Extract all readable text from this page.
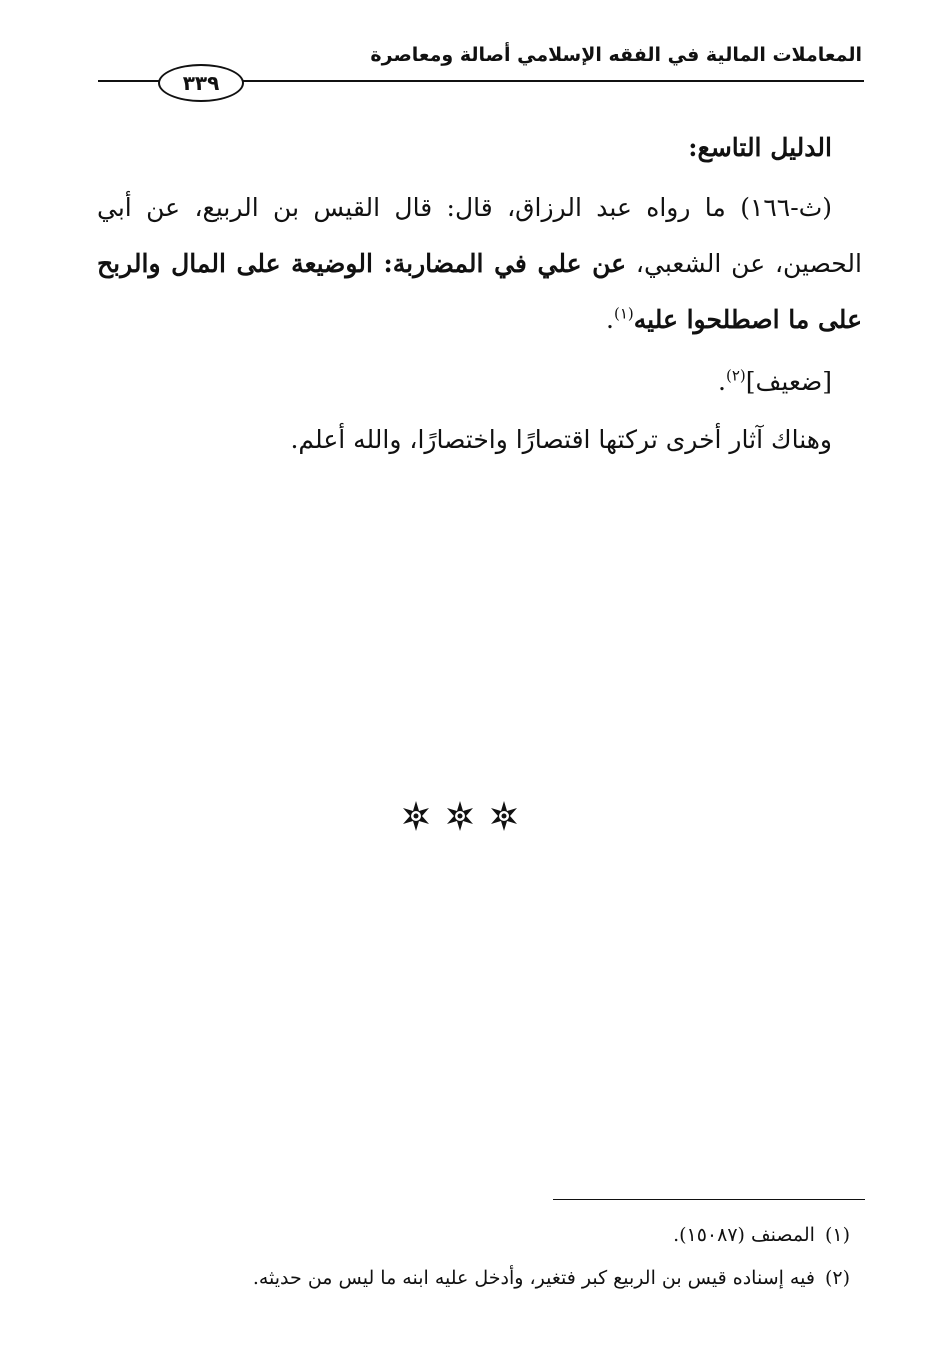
المعاملات المالية في الفقه الإسلامي أصالة ومعاصرة
٣٣٩
الدليل التاسع:
(ث-١٦٦) ما رواه عبد الرزاق، قال: قال القيس بن الربيع، عن أبي الحصين، عن الشعبي، عن علي في المضاربة: الوضيعة على المال والربح على ما اصطلحوا عليه$^{(١)}$.
[ضعيف]$^{(٢)}$.
وهناك آثار أخرى تركتها اقتصارًا واختصارًا، والله أعلم.
(١)المصنف (١٥٠٨٧).
(٢)فيه إسناده قيس بن الربيع كبر فتغير، وأدخل عليه ابنه ما ليس من حديثه.
